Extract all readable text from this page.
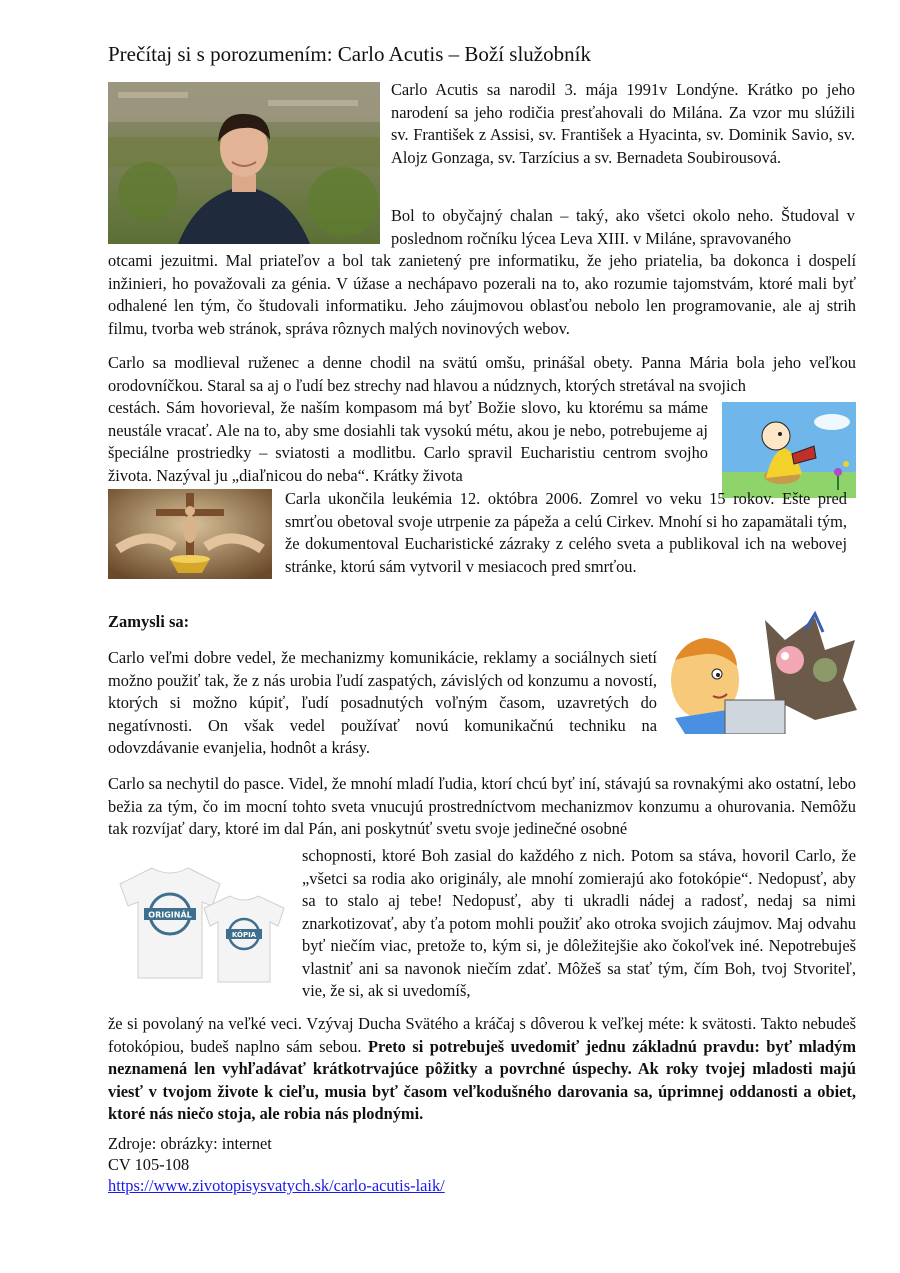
Prečítaj si s porozumením: Carlo Acutis – Boží služobník

Carlo Acutis sa narodil 3. mája 1991v Londýne. Krátko po jeho narodení sa jeho rodičia presťahovali do Milána. Za vzor mu slúžili sv. František z Assisi, sv. František a Hyacinta, sv. Dominik Savio, sv. Alojz Gonzaga, sv. Tarzícius a sv. Bernadeta Soubirousová.

Bol to obyčajný chalan – taký, ako všetci okolo neho. Študoval v poslednom ročníku lýcea Leva XIII. v Miláne, spravovaného

otcami jezuitmi. Mal priateľov a bol tak zanietený pre informatiku, že jeho priatelia, ba dokonca i dospelí inžinieri, ho považovali za génia. V úžase a nechápavo pozerali na to, ako rozumie tajomstvám, ktoré mali byť odhalené len tým, čo študovali informatiku. Jeho záujmovou oblasťou nebolo len programovanie, ale aj strih filmu, tvorba web stránok, správa rôznych malých novinových webov.

Carlo sa modlieval ruženec a denne chodil na svätú omšu, prinášal obety. Panna Mária bola jeho veľkou orodovníčkou. Staral sa aj o ľudí bez strechy nad hlavou a núdznych, ktorých stretával na svojich

cestách. Sám hovorieval, že naším kompasom má byť Božie slovo, ku ktorému sa máme neustále vracať. Ale na to, aby sme dosiahli tak vysokú métu, akou je nebo, potrebujeme aj špeciálne prostriedky – sviatosti a modlitbu. Carlo spravil Eucharistiu centrom svojho života. Nazýval ju „diaľnicou do neba“. Krátky života

Carla ukončila leukémia 12. októbra 2006. Zomrel vo veku 15 rokov. Ešte pred smrťou obetoval svoje utrpenie za pápeža a celú Cirkev. Mnohí si ho zapamätali tým, že dokumentoval Eucharistické zázraky z celého sveta a publikoval ich na webovej stránke, ktorú sám vytvoril v mesiacoch pred smrťou.

Zamysli sa:

Carlo veľmi dobre vedel, že mechanizmy komunikácie, reklamy a sociálnych sietí možno použiť tak, že z nás urobia ľudí zaspatých, závislých od konzumu a novostí, ktorých si možno kúpiť, ľudí posadnutých voľným časom, uzavretých do negatívnosti. On však vedel používať novú komunikačnú techniku na odovzdávanie evanjelia, hodnôt a krásy.

Carlo sa nechytil do pasce. Videl, že mnohí mladí ľudia, ktorí chcú byť iní, stávajú sa rovnakými ako ostatní, lebo bežia za tým, čo im mocní tohto sveta vnucujú prostredníctvom mechanizmov konzumu a ohurovania. Nemôžu tak rozvíjať dary, ktoré im dal Pán, ani poskytnúť svetu svoje jedinečné osobné

ORIGINÁL
KÓPIA

schopnosti, ktoré Boh zasial do každého z nich. Potom sa stáva, hovoril Carlo, že „všetci sa rodia ako originály, ale mnohí zomierajú ako fotokópie“. Nedopusť, aby sa to stalo aj tebe! Nedopusť, aby ti ukradli nádej a radosť, nedaj sa nimi znarkotizovať, aby ťa potom mohli použiť ako otroka svojich záujmov. Maj odvahu byť niečím viac, pretože to, kým si, je dôležitejšie ako čokoľvek iné. Nepotrebuješ vlastniť ani sa navonok niečím zdať. Môžeš sa stať tým, čím Boh, tvoj Stvoriteľ, vie, že si, ak si uvedomíš,

že si povolaný na veľké veci. Vzývaj Ducha Svätého a kráčaj s dôverou k veľkej méte: k svätosti. Takto nebudeš fotokópiou, budeš naplno sám sebou. Preto si potrebuješ uvedomiť jednu základnú pravdu: byť mladým neznamená len vyhľadávať krátkotrvajúce pôžitky a povrchné úspechy. Ak roky tvojej mladosti majú viesť v tvojom živote k cieľu, musia byť časom veľkodušného darovania sa, úprimnej oddanosti a obiet, ktoré nás niečo stoja, ale robia nás plodnými.

Zdroje: obrázky: internet
CV 105-108
https://www.zivotopisysvatych.sk/carlo-acutis-laik/
